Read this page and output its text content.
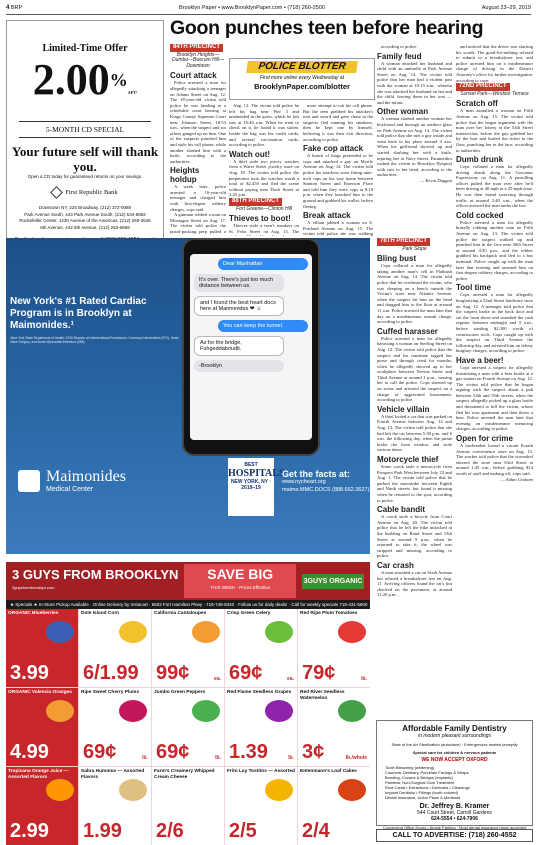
4 BRP	Brooklyn Paper • www.BrooklynPaper.com • (718) 260-2500	August 23–29, 2019
Limited-Time Offer
2.00%APY¹
5-MONTH CD SPECIAL
Your future self will thank you.
Open a CD today for guaranteed returns on your savings.
First Republic Bank
Downtown NY, 225 Broadway, (212) 372-0088
Park Avenue South, 443 Park Avenue South, (212) 534-8862
Rockefeller Center, 1230 Avenue of the Americas, (212) 259-3626
6th Avenue, 442 6th Avenue, (212) 253-6888
Goon punches teen before hearing
84TH PRECINCT
Brooklyn Heights—Dumbo—Boerum Hill—Downtown
Court attack

Police arrested a man for allegedly attacking a teenager on Adams Street on Aug. 12. The 18-year-old victim told police he was heading to a scheduled court hearing at Kings County Supreme Court near Johnson Street, 10:53 a.m., when the suspect and six others ganged up on him. One of the suspects punched him and stole his cell phone, while another slashed him with a knife, according to the authorities.

Heights holdup

A week later, police arrested a 16-year-old teenager and charged him with first-degree robbery charges, cops said.

A gunman robbed a man on Montague Street on Aug. 17. The victim told police the pistol-packing perp pulled a

POLICE BLOTTER
Find more online every Wednesday at
BrooklynPaper.com/blotter

Aug. 12. The victim told police he left his bag near Pier 3 and unattended in the grass, which he last saw at 10:40 a.m. When he went to check on it, he found it was stolen. Inside the bag was his credit cards, and several vaccination cards, according to police.

Watch out!

A thief stole two pricey watches from a Water Street jewelry store on Aug. 18. The victim told police the perpetrator took the watches worth a total of $2,450 and fled the scene without paying near Dock Street at 2:25 p.m.

88TH PRECINCT
Fort Greene—Clinton Hill
Thieves to boot!

Thieves stole a teen's sneakers on St. Felix Street on Aug. 13. The

more attempt to rob his cell phone. But the teen grabbed his attacker's iron and sword and gave chase in the suspects fled running his sneakers, then he kept one by himself, believing it was their exit direction, according to police.

Fake cop attack

A bunch of thugs pretended to be cops and attacked a guy on Myrtle Avenue on Aug. 14. The victim told police his attackers wore fitting nine-inch caps on his way home between Stanton Street and Emerson Place and told him they were cops at 9:10 p.m. when they knocked him to the ground and grabbed his wallet, before fleeing.

Break attack

A villain jabbed a woman on S. Portland Avenue on Aug. 15. The victim told police she was walking

according to police.

Family feud

A woman attacked her husband and child with an umbrella at Park Avenue Street on Aug. 14. The victim told police that her man had a violent past with the woman at 10:15 a.m., wherein she was attacked her husband on her and the child, leaving them in her toes — and the infant.

Other woman

A woman slashed another woman her boyfriend and through an outdoor glass on Park Avenue on Aug. 14. The victim told police that she met a guy inside and went back to his place around 4 a.m. When his girlfriend showed up and started slashing her with a knife, injuring her at Navy Street. Paramedics rushed the victim to Brooklyn Hospital with cuts to her head, according to the authorities.

— Kevin Duggan
78TH PRECINCT
Park Slope
Bling bust

Cops collared a man for allegedly taking another man's cell in Flatbush Avenue on Aug. 14. The victim told police that he overheard the victim, who was sleeping on a bench outside the Victim's store near Atlantic Avenue, when the suspect hit him on the head and dragged him to the floor at around 11 a.m. Police arrested the man later that day on a misdemeanor assault charge, according to police.

Cuffed harasser

Police arrested a man for allegedly harassing a woman on Sterling Street on Aug. 12. The victim told police that the suspect and his transbate tagged her purse and through cried for months, when he allegedly showed up to her workplace between Nevins Street and Third Avenue at around 1 p.m., causing her to call the police. Cops showed up on scene and arrested the suspect on a charge of aggravated harassment, according to police.

Vehicle villain

A thief looted a car that was parked on Fourth Avenue between Aug. 12 and Aug. 13. The victim told police that she had left the car between 5:30 p.m. and 6 a.m. the following day, when the pirate broke the front window and stole various items.

Motorcycle thief

Some crook stole a motorcycle from Prospect Park West between July 23 and Aug. 1. The victim told police that he parked the motorbike between Eighth and Ninth streets, but found it missing when he returned to the spot, according to police.

Cable bandit

A crook stole a bicycle from Court Avenue on Aug. 20. The victim told police that he left the bike unlocked at the building on Bond Street and 13th Street at around 9 p.m., when he returned to take it, the wheel was stripped and missing, according to police.

Car crash

A man smashed a car on Sixth Avenue but refused a breathalyzer test on Aug. 11. Arriving officers found the car's tint checked on the pavement, at around 11:20 p.m.,

and noticed that the driver was slurring his words. The good-for-nothing refused to submit to a breathalyzer test, and police arrested him on a misdemeanor charge of driving in the District Attorney's office for further investigation, according to cops.

72ND PRECINCT
Sunset Park—Windsor Terrace
Scratch off

A man assaulted a woman on Fifth Avenue on Aug. 15. The victim told police that the bogus argument with the man over her lottery at the 54th Street intersection, before the guy grabbed her by the hair and hurled the ticket to the floor, punching her in the face, according to authorities.

Dumb drunk

Cops collared a man for allegedly driving drunk along the Gowanus Expressway on Aug. 11. A patrolling officer pulled the man over after he'd been driving at 40 mph in a 25-mph zone. He was then found swerving through traffic at around 2:40 a.m., when the officer arrested the man under the law.

Cold cocked

Police arrested a man for allegedly brutally robbing another man on Fifth Avenue on Aug. 13. The victim told police the suspect walked up and punched him in the face near 50th Street at around 4:30 p.m., and the robber grabbed his backpack and fled to a bus terminal. Police caught up with the man later that evening and arrested him on first-degree robbery charges, according to police.

Tool time

Cops arrested a man for allegedly burglarizing a 52nd Street hardware store on Aug. 12. A manager told police that the suspect broke in the back door and cut the front doors and smashed the cash register between midnight and 5 a.m., before stealing $2,300 worth of construction tools. Cops caught up with the suspect on Third Avenue the following day, and arrested him on felony burglary charges, according to police.

Have a beer!

Cops arrested a suspect for allegedly threatening a man with a beer bottle at a gas station on Fourth Avenue on Aug. 12. The victim told police that he began arguing with the suspect about a pub between 54th and 55th streets, when the suspect allegedly picked up a glass bottle and threatened to kill the victim, whose fled his own apartment and then threw a beer. Police arrested the man later that evening on misdemeanor menacing charges, according to police.

Open for crime

A lawbreaker looted a vacant Fourth Avenue convenience store on Aug. 13. The worker told police that the scoundrel entered the store near 63rd Street at around 1:45 a.m., before grabbing $14 worth of stuff and making off, cops said.

— Aidan Graham
Dear Manhattan
It's over. There's just too much distance between us.
and I found the best heart docs here at Maimonides ❤ ☺
You can keep the tunnel.
As for the bridge, Fuhgeddaboudit.
-Brooklyn
New York's #1 Rated Cardiac Program is in Brooklyn at Maimonides.¹
¹New York State Department of Health; 2019 Reports on Interventional Procedures: Coronary Interventions (PCI), Heart Valve Surgery, and Acute Myocardial Infarction (AMI)
Maimonides
Medical Center
BEST
HOSPITALS
NEW YORK, NY · 2019–19
Get the facts at:
www.nycheart.org
maimo.MMC.DOCS (888.662.3627)
3 GUYS FROM BROOKLYN
3guysfrombrooklyn.com
SAVE BIG
THIS WEEK · Prices Effective
3GUYS ORGANIC
★ Specials ★ In-Store Pickup Available · Online Delivery by Instacart · 6502 Fort Hamilton Pkwy · 718-748-8340 · Follow us for daily deals! · Call for weekly specials 718-431-5600
ORGANIC Blueberries
3.99	ea.
Dole Island Corn
6/1.99
California Cantaloupes
99¢	ea.
Crisp Green Celery
69¢	ea.
Red Ripe Plum Tomatoes
79¢	lb.
ORGANIC Valencia Oranges
4.99 4 lb. bag
Ripe Sweet Cherry Plums
69¢	lb.
Jumbo Green Peppers
69¢	lb.
Red Flame Seedless Grapes
1.39	lb.
Red River Seedless Watermelon
3¢	lb./whole
Tropicana Orange Juice — Assorted Flavors
2.99 52 oz.
Sabra Hummus — Assorted Flavors
1.99
Farm's Creamery Whipped Cream Cheese
2/6
Frito Lay Tostitos — Assorted
2/5
Entenmann's Loaf Cakes
2/4
Affordable Family Dentistry
in modern pleasant surroundings
State of the Art Sterilization (autoclave) · Emergencies treated promptly
Special care for children & nervous patients
WE NOW ACCEPT OXFORD
Tooth Bleaching (whitening)
Cosmetic Dentistry, Porcelain Facings & Wraps
Bonding, Crowns & Bridges (Implants)
Painless, Non-Surgical Gum Treatment
Root Canal • Extractions • Dentures • Cleanings
Implant Dentistry • Fillings (tooth colored)
Dental Insurance, Union Plans & Medicaid
Dr. Jeffrey B. Kramer
544 Court Street, Carroll Gardens
624-5554 • 624-7906
Convenient Office Hours • Ample Parking · Most dental insurance plans accepted
CALL TO ADVERTISE: (718) 260-4552
